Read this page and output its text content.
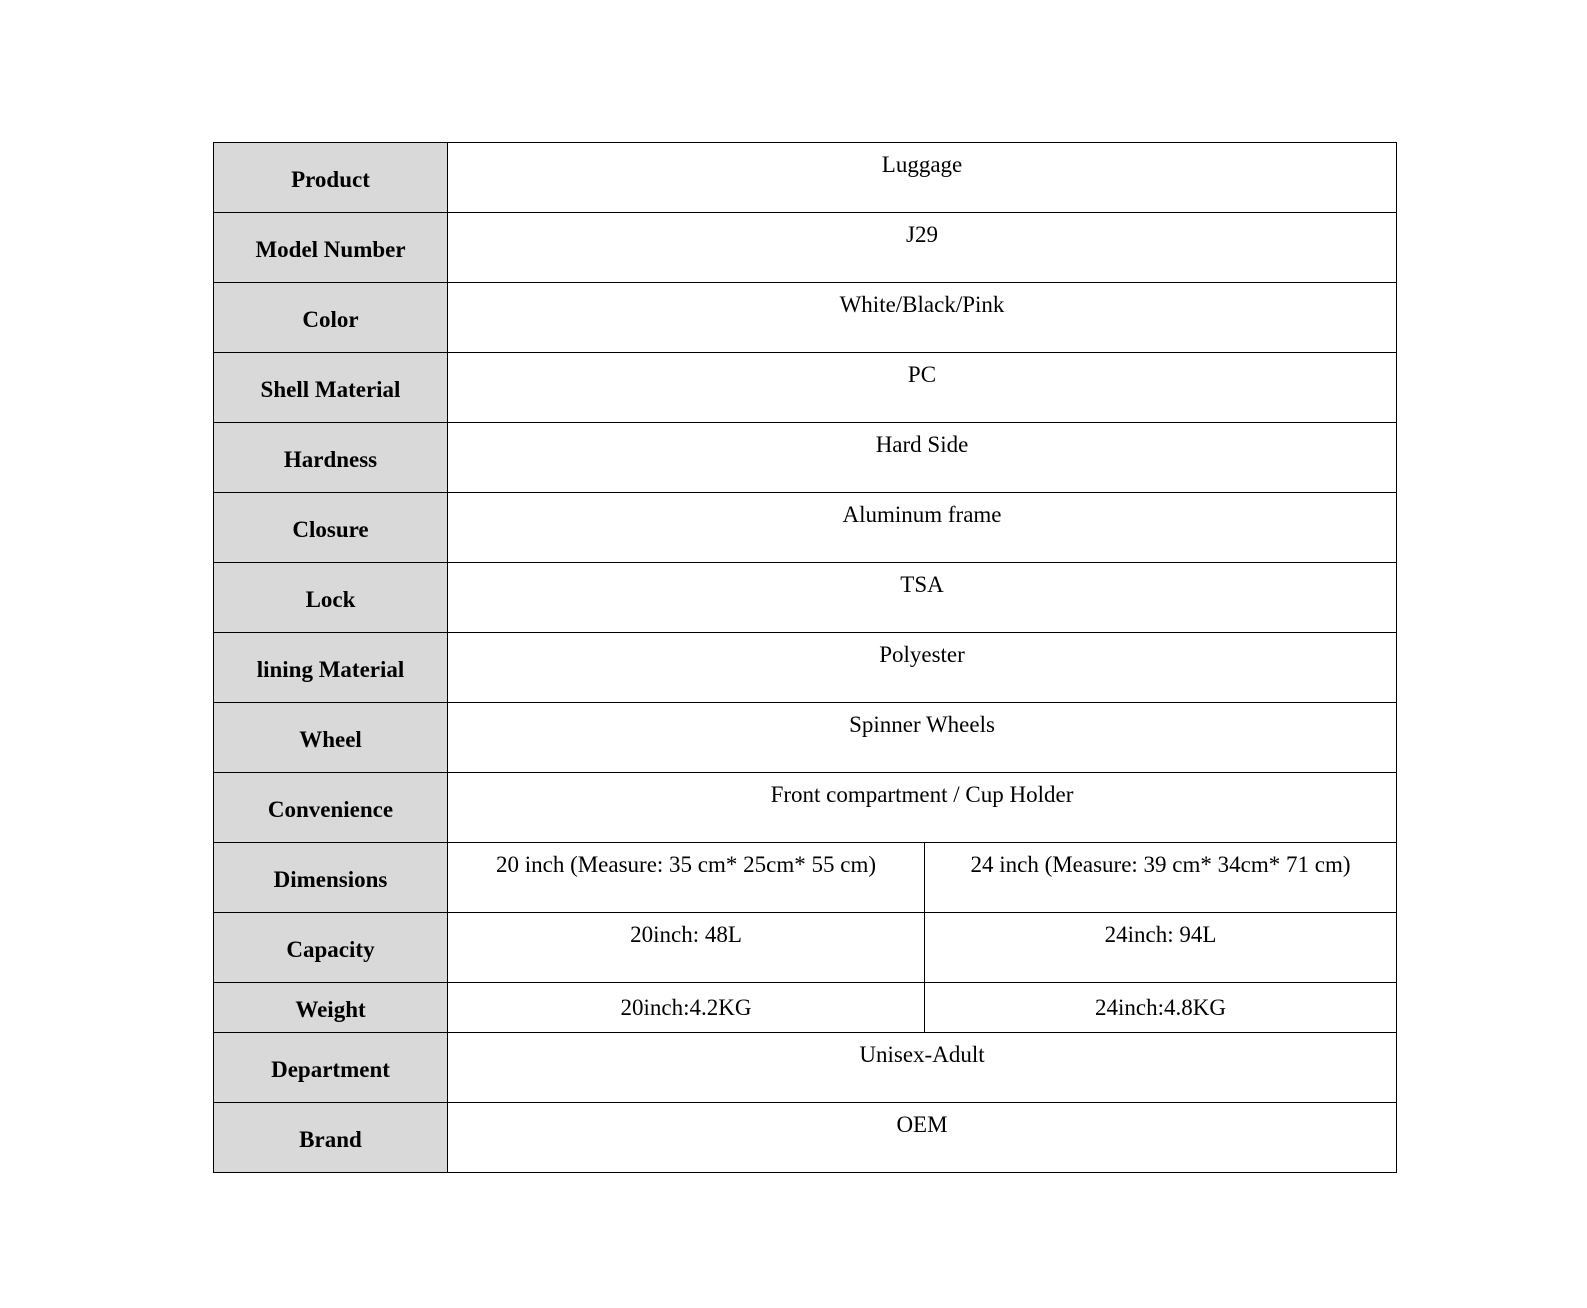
Product	Luggage	
Model Number	J29	
Color	White/Black/Pink	
Shell Material	PC	
Hardness	Hard Side	
Closure	Aluminum frame	
Lock	TSA	
lining Material	Polyester	
Wheel	Spinner Wheels	
Convenience	Front compartment / Cup Holder	
Dimensions	20 inch (Measure: 35 cm* 25cm* 55 cm)	24 inch (Measure: 39 cm* 34cm* 71 cm)
Capacity	20inch: 48L	24inch: 94L
Weight	20inch:4.2KG	24inch:4.8KG
Department	Unisex-Adult	
Brand	OEM	
